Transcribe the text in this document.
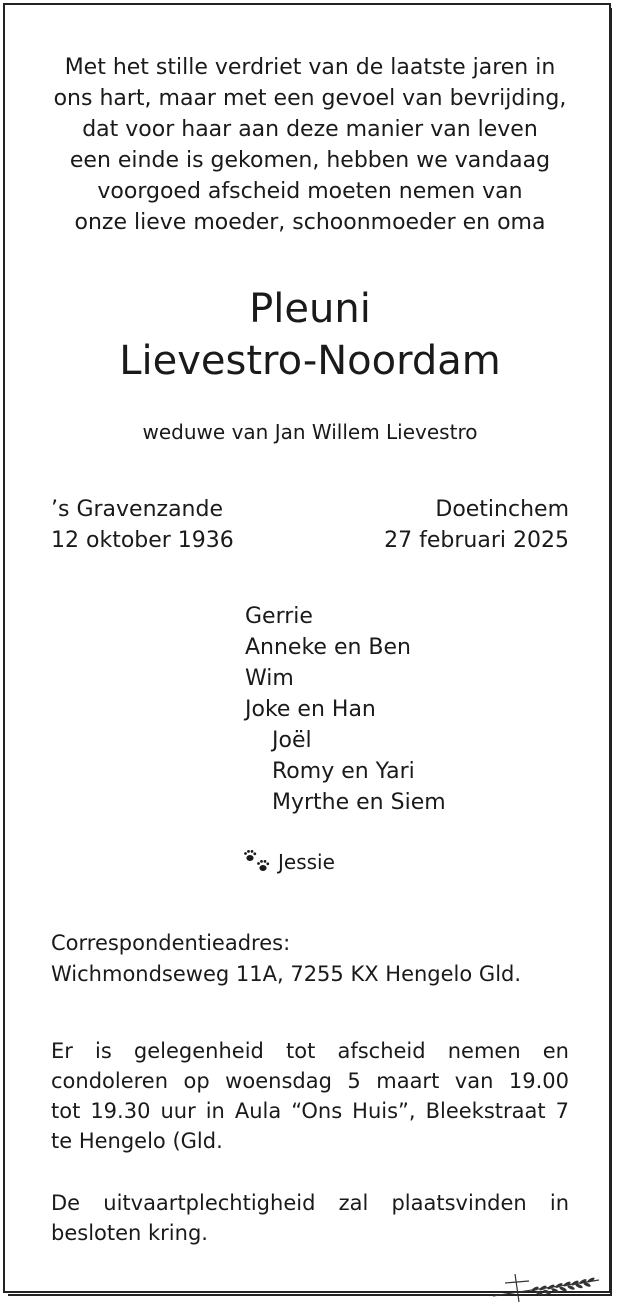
Met het stille verdriet van de laatste jaren in
ons hart, maar met een gevoel van bevrijding,
dat voor haar aan deze manier van leven
een einde is gekomen, hebben we vandaag
voorgoed afscheid moeten nemen van
onze lieve moeder, schoonmoeder en oma
Pleuni
Lievestro-Noordam
weduwe van Jan Willem Lievestro
’s Gravenzande	Doetinchem
12 oktober 1936	27 februari 2025
Gerrie
Anneke en Ben
Wim
Joke en Han
Joël
Romy en Yari
Myrthe en Siem
Jessie
Correspondentieadres:
Wichmondseweg 11A, 7255 KX Hengelo Gld.
Er is gelegenheid tot afscheid nemen en
condoleren op woensdag 5 maart van 19.00
tot 19.30 uur in Aula “Ons Huis”, Bleekstraat 7
te Hengelo (Gld.
De uitvaartplechtigheid zal plaatsvinden in
besloten kring.
